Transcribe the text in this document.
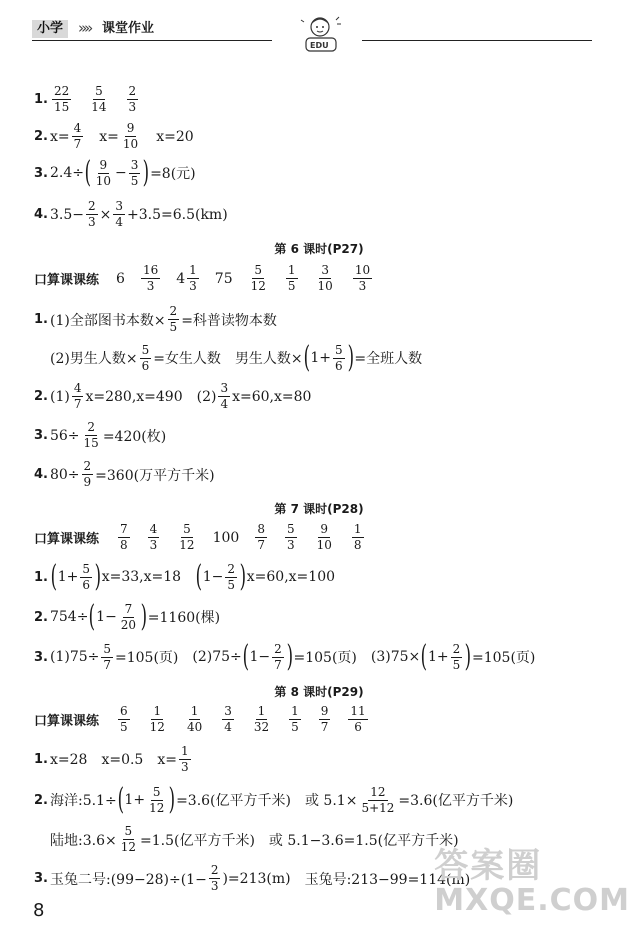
小学 »» 课堂作业
EDU
1. $\frac{22}{15} \frac{5}{14} \frac{2}{3}$
2. $x= \frac{4}{7} x= \frac{9}{10} x=20$
3. 2.4÷ ( $\frac{9}{10} - \frac{3}{5}$ ) =8(元)
4. $3.5- \frac{2}{3} \times \frac{3}{4} +3.5=6.5(km)$
第 6 课时(P27)
口算课课练 $6 \frac{16}{3} 4 \frac{1}{3} 75 \frac{5}{12} \frac{1}{5} \frac{3}{10} \frac{10}{3}$
1. (1)全部图书本数× $\frac{2}{5}$ =科普读物本数
(2)男生人数× $\frac{5}{6}$ =女生人数 男生人数× ( $1+ \frac{5}{6}$ ) =全班人数
2. $(1) \frac{4}{7} x=280,x=490$ $(2) \frac{3}{4} x=60,x=80$
3. $56\div \frac{2}{15} =420$(枚)
4. $80\div \frac{2}{9} =360$(万平方千米)
第 7 课时(P28)
口算课课练 $\frac{7}{8} \frac{4}{3} \frac{5}{12} 100 \frac{8}{7} \frac{5}{3} \frac{9}{10} \frac{1}{8}$
1. ( $1+ \frac{5}{6}$ ) x=33,x=18 ( $1- \frac{2}{5}$ ) x=60,x=100
2. 754÷ ( $1- \frac{7}{20}$ ) =1160(棵)
3. $(1)75\div \frac{5}{7} =105$(页) (2)75÷ ( $1- \frac{2}{7}$ ) =105(页) (3)75× ( $1+ \frac{2}{5}$ ) =105(页)
第 8 课时(P29)
口算课课练 $\frac{6}{5} \frac{1}{12} \frac{1}{40} \frac{3}{4} \frac{1}{32} \frac{1}{5} \frac{9}{7} \frac{11}{6}$
1. x=28 x=0.5 $x= \frac{1}{3}$
2. 海洋:5.1÷ ( $1+ \frac{5}{12}$ ) =3.6(亿平方千米) 或 $5.1\times \frac{12}{5+12} =3.6$(亿平方千米)
陆地:3.6× $\frac{5}{12} =1.5$(亿平方千米) 或 5.1−3.6=1.5(亿平方千米)
3. 玉兔二号:(99−28)÷(1− $\frac{2}{3} )=213(m)$ 玉兔号:213−99=114(m)
8
答案圈
MXQE.COM
